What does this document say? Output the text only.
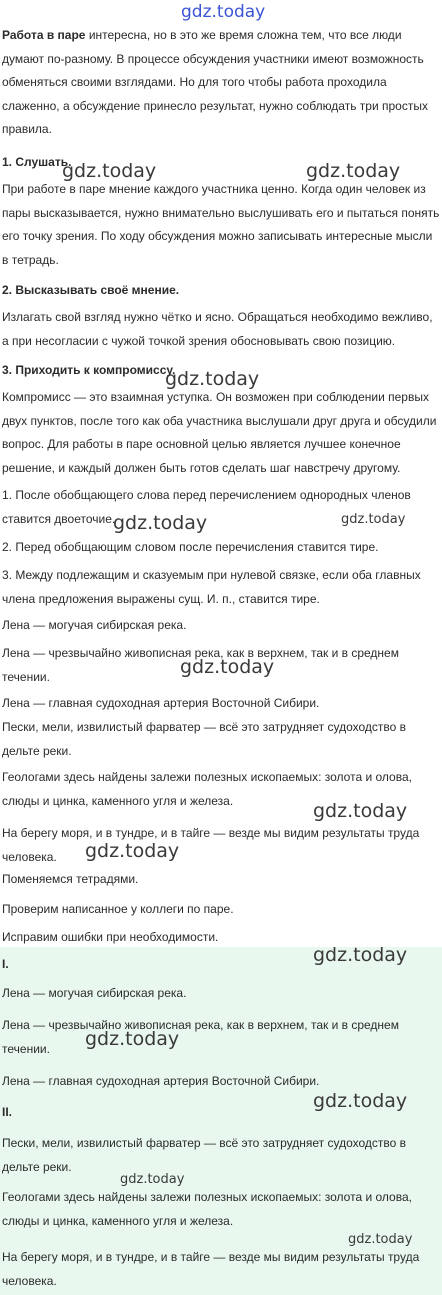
gdz.today

Работа в паре интересна, но в это же время сложна тем, что все люди думают по-разному. В процессе обсуждения участники имеют возможность обменяться своими взглядами. Но для того чтобы работа проходила слаженно, а обсуждение принесло результат, нужно соблюдать три простых правила.

1. Слушать.

При работе в паре мнение каждого участника ценно. Когда один человек из пары высказывается, нужно внимательно выслушивать его и пытаться понять его точку зрения. По ходу обсуждения можно записывать интересные мысли в тетрадь.

2. Высказывать своё мнение.

Излагать свой взгляд нужно чётко и ясно. Обращаться необходимо вежливо, а при несогласии с чужой точкой зрения обосновывать свою позицию.

3. Приходить к компромиссу.

Компромисс — это взаимная уступка. Он возможен при соблюдении первых двух пунктов, после того как оба участника выслушали друг друга и обсудили вопрос. Для работы в паре основной целью является лучшее конечное решение, и каждый должен быть готов сделать шаг навстречу другому.

1. После обобщающего слова перед перечислением однородных членов ставится двоеточие.

2. Перед обобщающим словом после перечисления ставится тире.

3. Между подлежащим и сказуемым при нулевой связке, если оба главных члена предложения выражены сущ. И. п., ставится тире.

Лена — могучая сибирская река.

Лена — чрезвычайно живописная река, как в верхнем, так и в среднем течении.

Лена — главная судоходная артерия Восточной Сибири.

Пески, мели, извилистый фарватер — всё это затрудняет судоходство в дельте реки.

Геологами здесь найдены залежи полезных ископаемых: золота и олова, слюды и цинка, каменного угля и железа.

На берегу моря, и в тундре, и в тайге — везде мы видим результаты труда человека.

Поменяемся тетрадями.

Проверим написанное у коллеги по паре.

Исправим ошибки при необходимости.

I.

Лена — могучая сибирская река.

Лена — чрезвычайно живописная река, как в верхнем, так и в среднем течении.

Лена — главная судоходная артерия Восточной Сибири.

II.

Пески, мели, извилистый фарватер — всё это затрудняет судоходство в дельте реки.

Геологами здесь найдены залежи полезных ископаемых: золота и олова, слюды и цинка, каменного угля и железа.

На берегу моря, и в тундре, и в тайге — везде мы видим результаты труда человека.

gdz.today	gdz.today
gdz.today
gdz.today	gdz.today
gdz.today
gdz.today
gdz.today
gdz.today
gdz.today
gdz.today
gdz.today
gdz.today
